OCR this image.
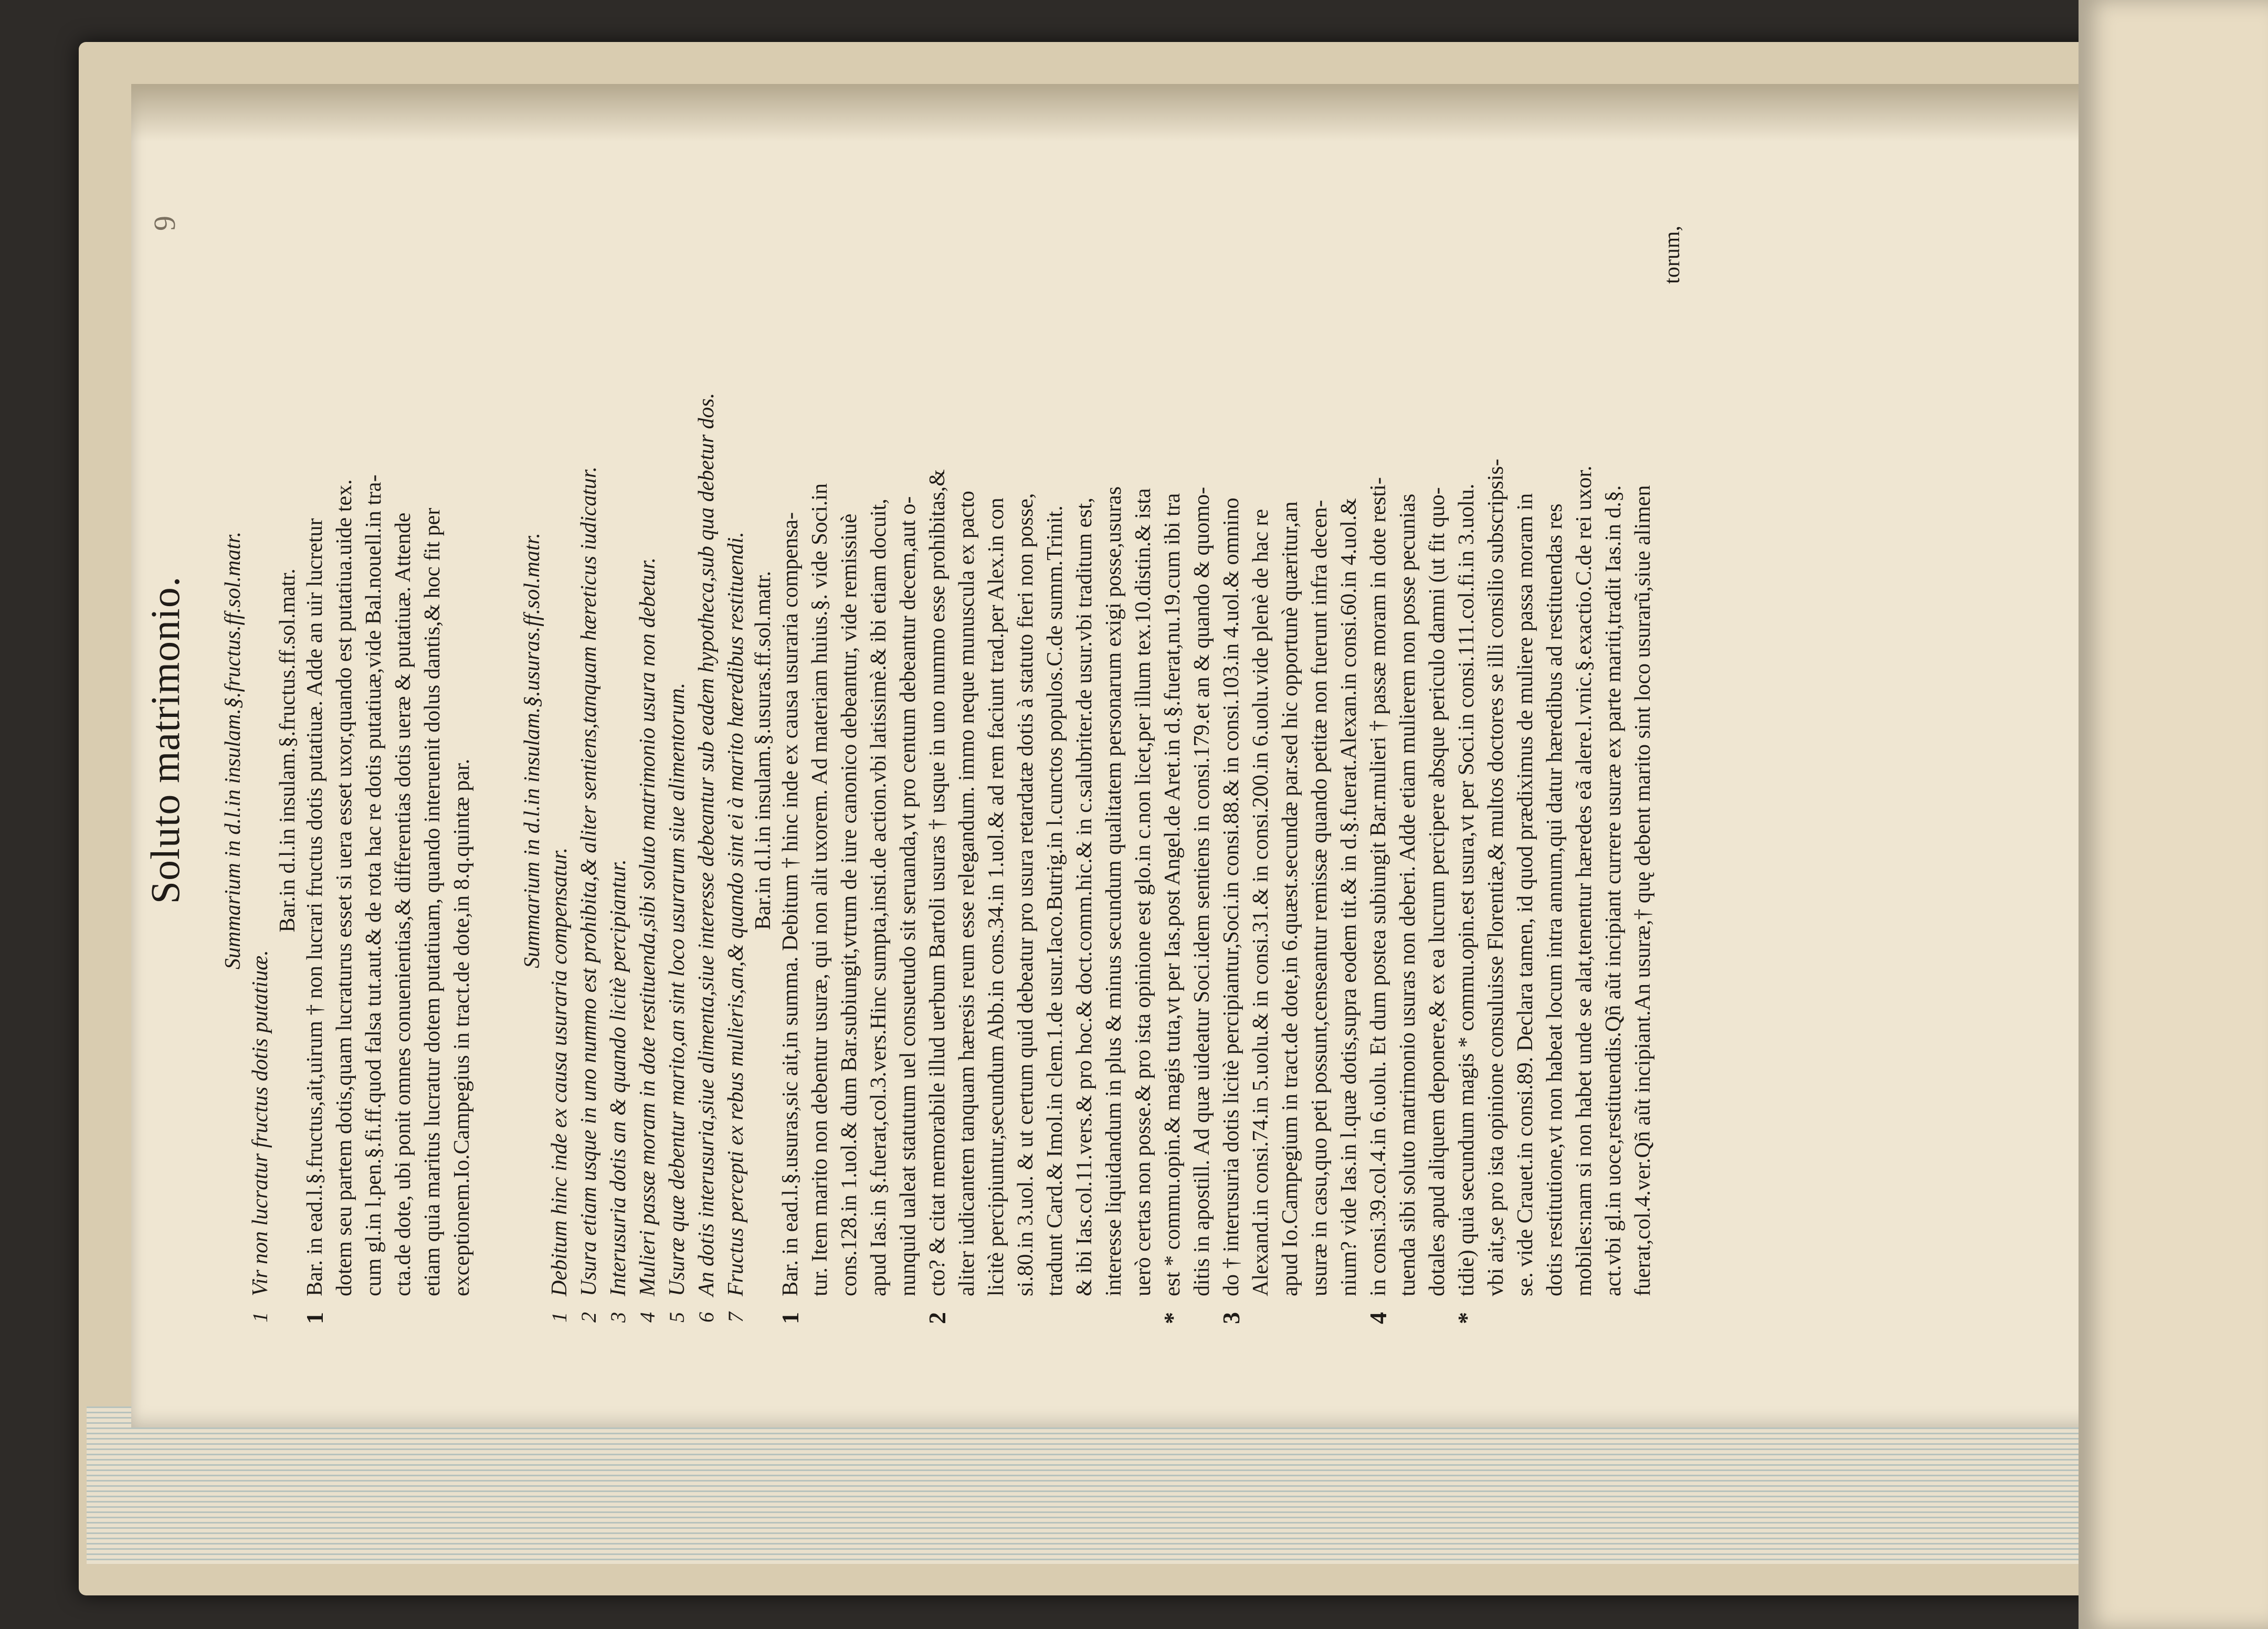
Soluto matrimonio.
9

Summarium in d.l.in insulam.§.fructus.ff.sol.matr.

1
Vir non lucratur fructus dotis putatiuæ.

Bar.in d.l.in insulam.§.fructus.ff.sol.matr.

1
Bar. in ead.l.§.fructus,ait,uirum † non lucrari fructus dotis putatiuæ. Adde an uir lucretur dotem seu partem dotis,quam lucraturus esset si uera esset uxor,quando est putatiua.uide tex. cum gl.in l.pen.§.fi.ff.quod falsa tut.aut.& de rota hac re dotis putatiuæ,vide Bal.nouell.in tra- cta.de dote, ubi ponit omnes conuenientias,& differentias dotis ueræ & putatiuæ. Attende etiam quia maritus lucratur dotem putatiuam, quando interuenit dolus dantis,& hoc fit per exceptionem.Io.Campegius in tract.de dote,in 8.q.quintæ par.

Summarium in d.l.in insulam.§.usuras.ff.sol.matr.

1
Debitum hinc inde ex causa usuraria compensatur.
2
Usura etiam usque in uno nummo est prohibita,& aliter sentiens,tanquam hæreticus iudicatur.
3
Interusuria dotis an & quando licitè percipiantur.
4
Mulieri passæ moram in dote restituenda,sibi soluto matrimonio usura non debetur.
5
Usuræ quæ debentur marito,an sint loco usurarum siue alimentorum.
6
An dotis interusuria,siue alimenta,siue interesse debeantur sub eadem hypotheca,sub qua debetur dos.
7
Fructus percepti ex rebus mulieris,an,& quando sint ei à marito hæredibus restituendi. Bar.in d.l.in insulam.§.usuras.ff.sol.matr.

1
Bar. in ead.l.§.usuras,sic ait,in summa. Debitum † hinc inde ex causa usuraria compensa- tur. Item marito non debentur usuræ, qui non alit uxorem. Ad materiam huius.§. vide Soci.in cons.128.in 1.uol.& dum Bar.subiungit,vtrum de iure canonico debeantur, vide remissiuè apud Ias.in §.fuerat,col.3.vers.Hinc sumpta,insti.de action.vbi latissimè.& ibi etiam docuit, nunquid ualeat statutum uel consuetudo sit seruanda,vt pro centum debeantur decem,aut o-
2
cto? & citat memorabile illud uerbum Bartoli usuras † usque in uno nummo esse prohibitas,& aliter iudicantem tanquam hæresis reum esse relegandum. immo neque munuscula ex pacto licitè percipiuntur,secundum Abb.in cons.34.in 1.uol.& ad rem faciunt trad.per Alex.in con si.80.in 3.uol. & ut certum quid debeatur pro usura retardatæ dotis à statuto fieri non posse, tradunt Card.& Imol.in clem.1.de usur.Iaco.Butrig.in l.cunctos populos.C.de summ.Trinit. & ibi Ias.col.11.vers.& pro hoc.& doct.comm.hic.& in c.salubriter.de usur.vbi traditum est, interesse liquidandum in plus & minus secundum qualitatem personarum exigi posse,usuras uerò certas non posse.& pro ista opinione est glo.in c.non licet,per illum tex.10.distin.& ista
*
est * commu.opin.& magis tuta,vt per Ias.post Angel.de Aret.in d.§.fuerat,nu.19.cum ibi tra ditis in apostill. Ad quæ uideatur Soci.idem sentiens in consi.179.et an & quando & quomo-
3
do † interusuria dotis licitè percipiantur,Soci.in consi.88.& in consi.103.in 4.uol.& omnino Alexand.in consi.74.in 5.uolu.& in consi.31.& in consi.200.in 6.uolu.vide plenè de hac re apud Io.Campegium in tract.de dote,in 6.quæst.secundæ par.sed hic opportunè quæritur,an usuræ in casu,quo peti possunt,censeantur remissæ quando petitæ non fuerunt infra decen- nium? vide Ias.in l.quæ dotis,supra eodem tit.& in d.§.fuerat.Alexan.in consi.60.in 4.uol.&
4
in consi.39.col.4.in 6.uolu. Et dum postea subiungit Bar.mulieri † passæ moram in dote resti- tuenda sibi soluto matrimonio usuras non deberi. Adde etiam mulierem non posse pecunias dotales apud aliquem deponere,& ex ea lucrum percipere absque periculo damni (ut fit quo-
*
tidie) quia secundum magis * commu.opin.est usura,vt per Soci.in consi.111.col.fi.in 3.uolu. vbi ait,se pro ista opinione consuluisse Florentiæ,& multos doctores se illi consilio subscripsis- se. vide Crauet.in consi.89. Declara tamen, id quod prædiximus de muliere passa moram in dotis restitutione,vt non habeat locum intra annum,qui datur hæredibus ad restituendas res mobiles:nam si non habet unde se alat,tenentur hæredes eã alere.l.vnic.§.exactio.C.de rei uxor. act.vbi gl.in uoce,restituendis.Qñ aũt incipiant currere usuræ ex parte mariti,tradit Ias.in d.§. fuerat,col.4.ver.Qñ aũt incipiant.An usuræ,† quę debent marito sint loco usurarũ,siue alimen
torum,
